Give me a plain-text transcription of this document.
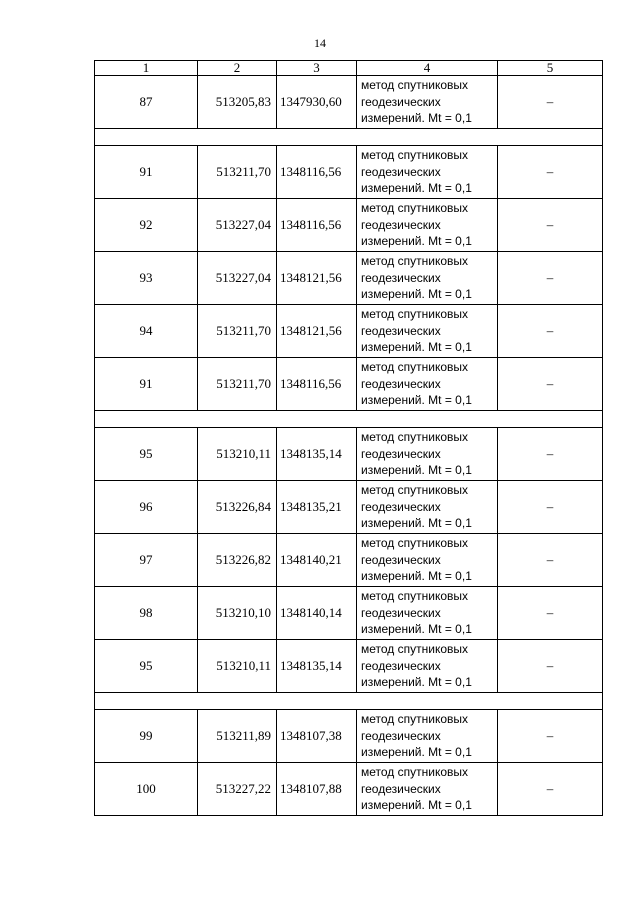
14
1	2	3	4	5
87	513205,83	1347930,60	метод спутниковых
геодезических
измерений. Mt = 0,1	–

91	513211,70	1348116,56	метод спутниковых
геодезических
измерений. Mt = 0,1	–
92	513227,04	1348116,56	метод спутниковых
геодезических
измерений. Mt = 0,1	–
93	513227,04	1348121,56	метод спутниковых
геодезических
измерений. Mt = 0,1	–
94	513211,70	1348121,56	метод спутниковых
геодезических
измерений. Mt = 0,1	–
91	513211,70	1348116,56	метод спутниковых
геодезических
измерений. Mt = 0,1	–

95	513210,11	1348135,14	метод спутниковых
геодезических
измерений. Mt = 0,1	–
96	513226,84	1348135,21	метод спутниковых
геодезических
измерений. Mt = 0,1	–
97	513226,82	1348140,21	метод спутниковых
геодезических
измерений. Mt = 0,1	–
98	513210,10	1348140,14	метод спутниковых
геодезических
измерений. Mt = 0,1	–
95	513210,11	1348135,14	метод спутниковых
геодезических
измерений. Mt = 0,1	–

99	513211,89	1348107,38	метод спутниковых
геодезических
измерений. Mt = 0,1	–
100	513227,22	1348107,88	метод спутниковых
геодезических
измерений. Mt = 0,1	–
